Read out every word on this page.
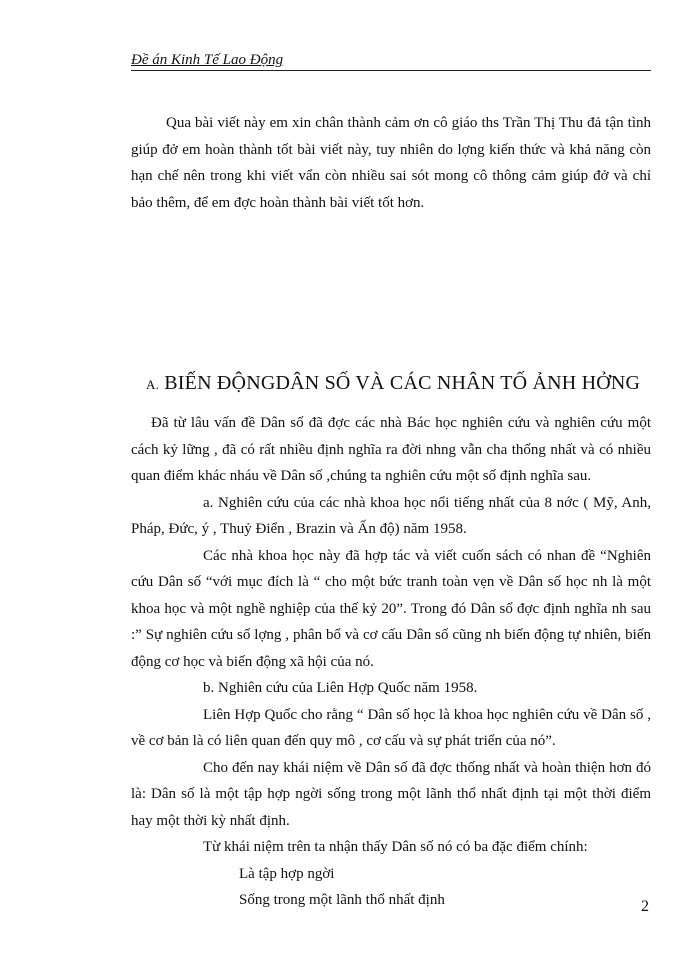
Đề án Kinh Tế Lao Động

Qua bài viết này em xin chân thành cảm ơn cô giáo ths Trần Thị Thu đả tận tình giúp đở em hoàn thành tốt bài viết này, tuy nhiên do lợng kiến thức và khả năng còn hạn chế nên trong khi viết vẩn còn nhiều sai sót mong cô thông cảm giúp đở và chỉ bảo thêm, để em đợc hoàn thành bài viết tốt hơn.

A. BIẾN ĐỘNGDÂN SỐ VÀ CÁC NHÂN TỐ ẢNH HỞNG

Đã từ lâu vấn đề Dân số đã đợc các nhà Bác học nghiên cứu và nghiên cứu một cách kỷ lững , đã có rất nhiều định nghĩa ra đời nhng vẫn cha thống nhất và có nhiều quan điểm khác nháu về Dân số ,chúng ta nghiên cứu một số định nghĩa sau.

a. Nghiên cứu của các nhà khoa học nổi tiếng nhất của 8 nớc ( Mỹ, Anh, Pháp, Đức, ý , Thuỷ Điển , Brazin và Ấn độ) năm 1958.

Các nhà khoa học này đã hợp tác và viết cuốn sách có nhan đề “Nghiên cứu Dân số “với mục đích là “ cho một bức tranh toàn vẹn về Dân số học nh là một khoa học và một nghề nghiệp của thế kỷ 20”. Trong đó Dân số đợc định nghĩa nh sau :” Sự nghiên cứu số lợng , phân bổ và cơ cấu Dân số cũng nh biến động tự nhiên, biến động cơ học và biến động xã hội của nó.

b. Nghiên cứu của Liên Hợp Quốc năm 1958.

Liên Hợp Quốc cho rằng “ Dân số học là khoa học nghiên cứu về Dân số , về cơ bản là có liên quan đến quy mô , cơ cấu và sự phát triển của nó”.

Cho đến nay khái niệm về Dân số đã đợc thống nhất và hoàn thiện hơn đó là: Dân số là một tập hợp ngời sống trong một lãnh thổ nhất định tại một thời điểm hay một thời kỳ nhất định.

Từ khái niệm trên ta nhận thấy Dân số nó có ba đặc điểm chính:

Là tập hợp ngời

Sống trong một lãnh thổ nhất định	2
